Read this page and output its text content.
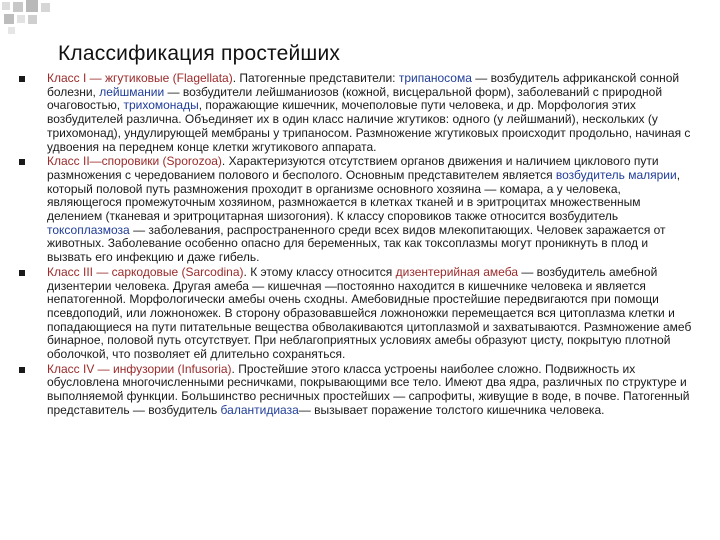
Классификация простейших

Класс I — жгутиковые (Flagellata). Патогенные представители: трипаносома — возбудитель африканской сонной болезни, лейшмании — возбудители лейшманиозов (кожной, висцеральной форм), заболеваний с природной очаговостью, трихомонады, поражающие кишечник, мочеполовые пути человека, и др. Морфология этих возбудителей различна. Объединяет их в один класс наличие жгутиков: одного (у лейшманий), нескольких (у трихомонад), ундулирующей мембраны у трипаносом. Размножение жгутиковых происходит продольно, начиная с удвоения на переднем конце клетки жгутикового аппарата.

Класс II—споровики (Sporozoa). Характеризуются отсутствием органов движения и наличием циклового пути размножения с чередованием полового и бесполого. Основным представителем является возбудитель малярии, который половой путь размножения проходит в организме основного хозяина — комара, а у человека, являющегося промежуточным хозяином, размножается в клетках тканей и в эритроцитах множественным делением (тканевая и эритроцитарная шизогония). К классу споровиков также относится возбудитель токсоплазмоза — заболевания, распространенного среди всех видов млекопитающих. Человек заражается от животных. Заболевание особенно опасно для беременных, так как токсоплазмы могут проникнуть в плод и вызвать его инфекцию и даже гибель.

Класс III — саркодовые (Sarcodina). К этому классу относится дизентерийная амеба — возбудитель амебной дизентерии человека. Другая амеба — кишечная —постоянно находится в кишечнике человека и является непатогенной. Морфологически амебы очень сходны. Амебовидные простейшие передвигаются при помощи псевдоподий, или ложноножек. В сторону образовавшейся ложноножки перемещается вся цитоплазма клетки и попадающиеся на пути питательные вещества обволакиваются цитоплазмой и захватываются. Размножение амеб бинарное, половой путь отсутствует. При неблагоприятных условиях амебы образуют цисту, покрытую плотной оболочкой, что позволяет ей длительно сохраняться.

Класс IV — инфузории (Infusoria). Простейшие этого класса устроены наиболее сложно. Подвижность их обусловлена многочисленными ресничками, покрывающими все тело. Имеют два ядра, различных по структуре и выполняемой функции. Большинство ресничных простейших — сапрофиты, живущие в воде, в почве. Патогенный представитель — возбудитель балантидиаза— вызывает поражение толстого кишечника человека.
